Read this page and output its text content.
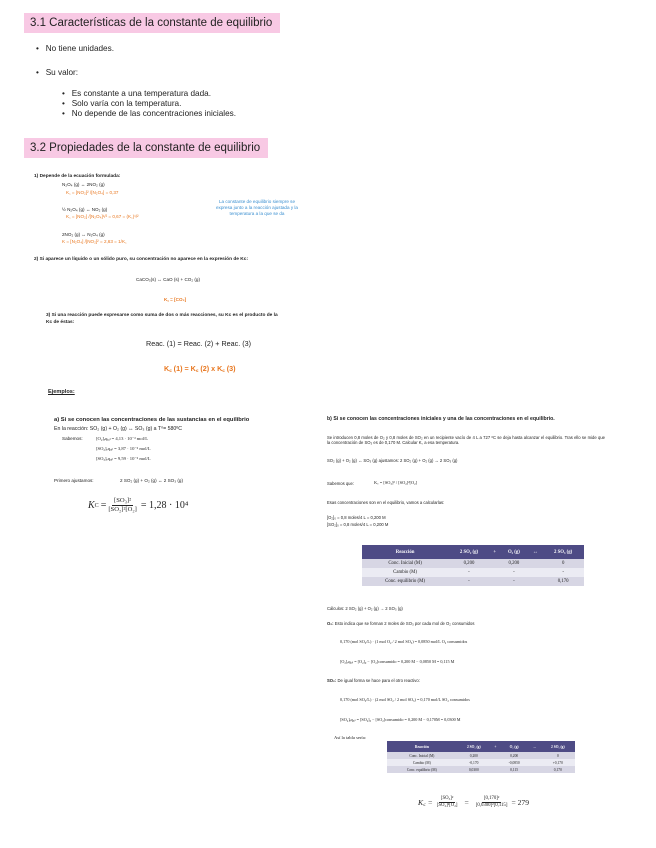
3.1 Características de la constante de equilibrio
•   No tiene unidades.
•   Su valor:
•   Es constante a una temperatura dada.
•   Solo varía con la temperatura.
•   No depende de las concentraciones iniciales.
3.2 Propiedades de la constante de equilibrio
1) Depende de la ecuación formulada:
N₂O₄ (g) ↔ 2NO₂ (g)
K꜀ = [NO₂]² /[N₂O₄] = 0,37
½ N₂O₄ (g) ↔ NO₂ (g)
K꜀ = [NO₂] /[N₂O₄]¹/² = 0,67 = (K꜀)¹/²
2NO₂ (g) ↔ N₂O₄ (g)
K = [N₂O₄] /[NO₂]² = 2,63 = 1/K꜀
La constante de equilibrio siempre se expresa junto a la reacción ajustada y la temperatura a la que se da
2) Si aparece un líquido o un sólido puro, su concentración no aparece en la expresión de Kc:
CaCO₃(s) ↔ CaO (s) + CO₂ (g)
K꜀ = [CO₂]
3) Si una reacción puede expresarse como suma de dos o más reacciones, su Kc es el producto de la
Kc de éstas:
Reac. (1) = Reac. (2) + Reac. (3)
K꜀ (1) = K꜀ (2) x K꜀ (3)
Ejemplos:
a) Si se conocen las concentraciones de las sustancias en el equilibrio
En la reacción: SO₂ (g) + O₂ (g) ↔ SO₃ (g) a T⁰= 580ºC
Sabemos:	[O₂]ₑqᵤᵢₗ = 4,13 · 10⁻³ mol/L
[SO₂]ₑqᵤᵢₗ = 3,87 · 10⁻³ mol/L
[SO₃]ₑqᵤᵢₗ = 9,59 · 10⁻³ mol/L
Primero ajustamos:	2 SO₂ (g) + O₂ (g) ↔ 2 SO₃ (g)
K $C = \frac{\text{[SO₃]²}}{\text{[SO₂]²[O₂]}} = 1,28 \cdot 10^4$
b) Si se conocen las concentraciones iniciales y una de las concentraciones en el equilibrio.
Se introducen 0,8 moles de O₂ y 0,8 moles de SO₂ en un recipiente vacío de 4 L a 727 ºC se deja hasta alcanzar el equilibrio. Tras ello se mide que la concentración de SO₃ es de 0,170 M. Calcular K꜀ a esa temperatura.
SO₂ (g) + O₂ (g) ↔ SO₃ (g) ajustamos: 2 SO₂ (g) + O₂ (g) ↔ 2 SO₃ (g)
Sabemos que:	K꜀ = [SO₃]² / [SO₂]²[O₂]
Esas concentraciones son en el equilibrio, vamos a calcularlas:
[O₂]₀ = 0,8 moles/4 L = 0,200 M
[SO₂]₀ = 0,8 moles/4 L = 0,200 M
Reacción	2 SO₂ (g)	+	O₂ (g)	↔	2 SO₃ (g)
Conc. Inicial (M)	0,200		0,200		0
Cambio (M)	-		-		-
Conc. equilibrio (M)	-		-		0,170
Cálculos: 2 SO₂ (g) + O₂ (g) → 2 SO₃ (g)
O₂: Esto indica que se forman 2 moles de SO₃ por cada mol de O₂ consumidos
0,170 (mol SO₃/L) · (1 mol O₂ / 2 mol SO₃) = 0,0850 mol/L O₂ consumidos
[O₂]ₑqᵤᵢₗ = [O₂]₀ − [O₂]consumido = 0,200 M − 0,0850 M = 0,115 M
SO₂: De igual forma se hace para el otro reactivo:
0,170 (mol SO₃/L) · (2 mol SO₂ / 2 mol SO₃) = 0,170 mol/L SO₂ consumidos
[SO₂]ₑqᵤᵢₗ = [SO₂]₀ − [SO₂]consumido = 0,200 M − 0,170M = 0,0300 M
Así la tabla sería:
Reacción	2 SO₂ (g)	+	O₂ (g)	↔	2 SO₃ (g)
Conc. Inicial (M)	0,200		0,200		0
Cambio (M)	-0,170		-0,0850		+0,170
Conc. equilibrio (M)	0,0300		0,115		0,170
K꜀ = $\frac{\text{[SO₃]²}}{\text{[SO₂]²[O₂]}} = \frac{\text{[0,170]²}}{\text{[0,0300]²[0,115]}} = 279$
